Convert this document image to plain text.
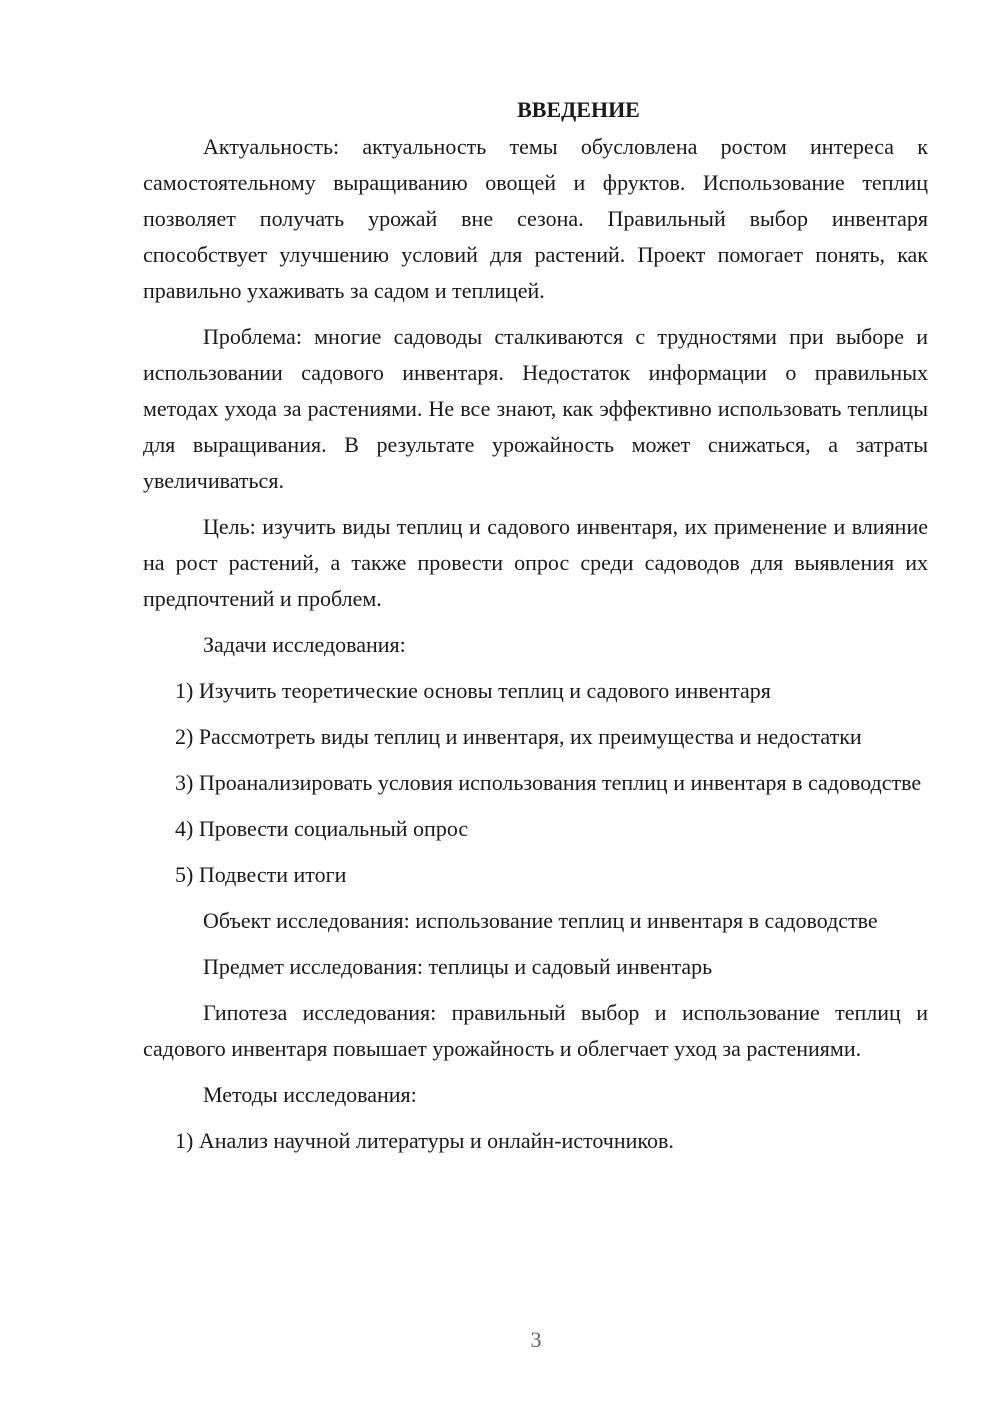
ВВЕДЕНИЕ

Актуальность: актуальность темы обусловлена ростом интереса к самостоятельному выращиванию овощей и фруктов. Использование теплиц позволяет получать урожай вне сезона. Правильный выбор инвентаря способствует улучшению условий для растений. Проект помогает понять, как правильно ухаживать за садом и теплицей.

Проблема: многие садоводы сталкиваются с трудностями при выборе и использовании садового инвентаря. Недостаток информации о правильных методах ухода за растениями. Не все знают, как эффективно использовать теплицы для выращивания. В результате урожайность может снижаться, а затраты увеличиваться.

Цель: изучить виды теплиц и садового инвентаря, их применение и влияние на рост растений, а также провести опрос среди садоводов для выявления их предпочтений и проблем.

Задачи исследования:

1) Изучить теоретические основы теплиц и садового инвентаря

2) Рассмотреть виды теплиц и инвентаря, их преимущества и недостатки

3) Проанализировать условия использования теплиц и инвентаря в садоводстве

4) Провести социальный опрос

5) Подвести итоги

Объект исследования: использование теплиц и инвентаря в садоводстве

Предмет исследования: теплицы и садовый инвентарь

Гипотеза исследования: правильный выбор и использование теплиц и садового инвентаря повышает урожайность и облегчает уход за растениями.

Методы исследования:

1) Анализ научной литературы и онлайн-источников.

3
